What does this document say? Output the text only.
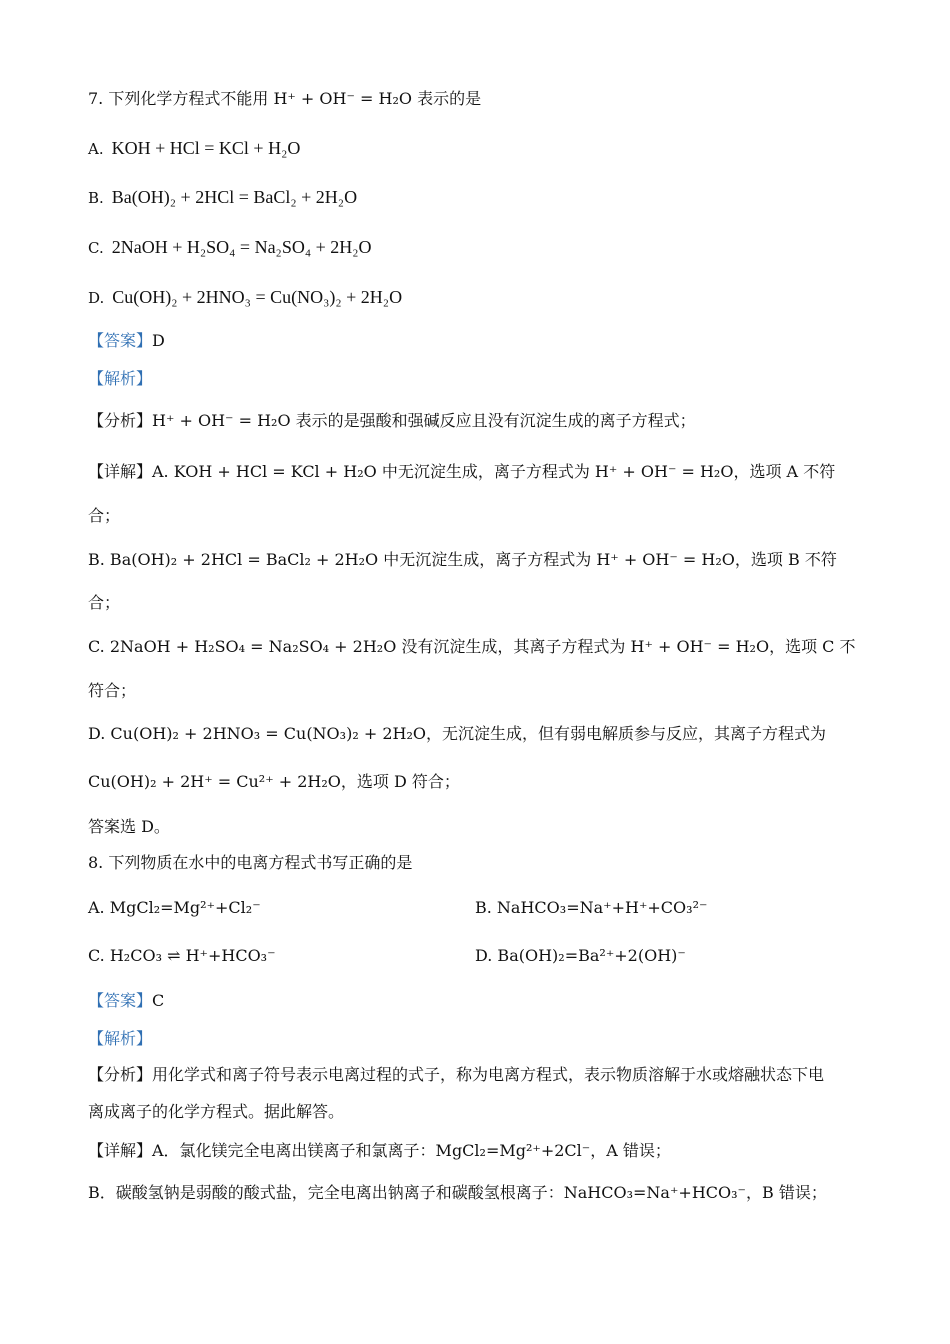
7. 下列化学方程式不能用 H⁺ + OH⁻ = H₂O 表示的是
A. KOH + HCl = KCl + H₂O
B. Ba(OH)₂ + 2HCl = BaCl₂ + 2H₂O
C. 2NaOH + H₂SO₄ = Na₂SO₄ + 2H₂O
D. Cu(OH)₂ + 2HNO₃ = Cu(NO₃)₂ + 2H₂O
【答案】D
【解析】
【分析】H⁺ + OH⁻ = H₂O 表示的是强酸和强碱反应且没有沉淀生成的离子方程式；
【详解】A. KOH + HCl = KCl + H₂O 中无沉淀生成，离子方程式为 H⁺ + OH⁻ = H₂O，选项 A 不符
合；
B. Ba(OH)₂ + 2HCl = BaCl₂ + 2H₂O 中无沉淀生成，离子方程式为 H⁺ + OH⁻ = H₂O，选项 B 不符
合；
C. 2NaOH + H₂SO₄ = Na₂SO₄ + 2H₂O 没有沉淀生成，其离子方程式为 H⁺ + OH⁻ = H₂O，选项 C 不
符合；
D. Cu(OH)₂ + 2HNO₃ = Cu(NO₃)₂ + 2H₂O，无沉淀生成，但有弱电解质参与反应，其离子方程式为
Cu(OH)₂ + 2H⁺ = Cu²⁺ + 2H₂O，选项 D 符合；
答案选 D。
8. 下列物质在水中的电离方程式书写正确的是
A. MgCl₂=Mg²⁺+Cl₂⁻	B. NaHCO₃=Na⁺+H⁺+CO₃²⁻
C. H₂CO₃ ⇌ H⁺+HCO₃⁻	D. Ba(OH)₂=Ba²⁺+2(OH)⁻
【答案】C
【解析】
【分析】用化学式和离子符号表示电离过程的式子，称为电离方程式，表示物质溶解于水或熔融状态下电
离成离子的化学方程式。据此解答。
【详解】A．氯化镁完全电离出镁离子和氯离子：MgCl₂=Mg²⁺+2Cl⁻，A 错误；
B．碳酸氢钠是弱酸的酸式盐，完全电离出钠离子和碳酸氢根离子：NaHCO₃=Na⁺+HCO₃⁻，B 错误；
